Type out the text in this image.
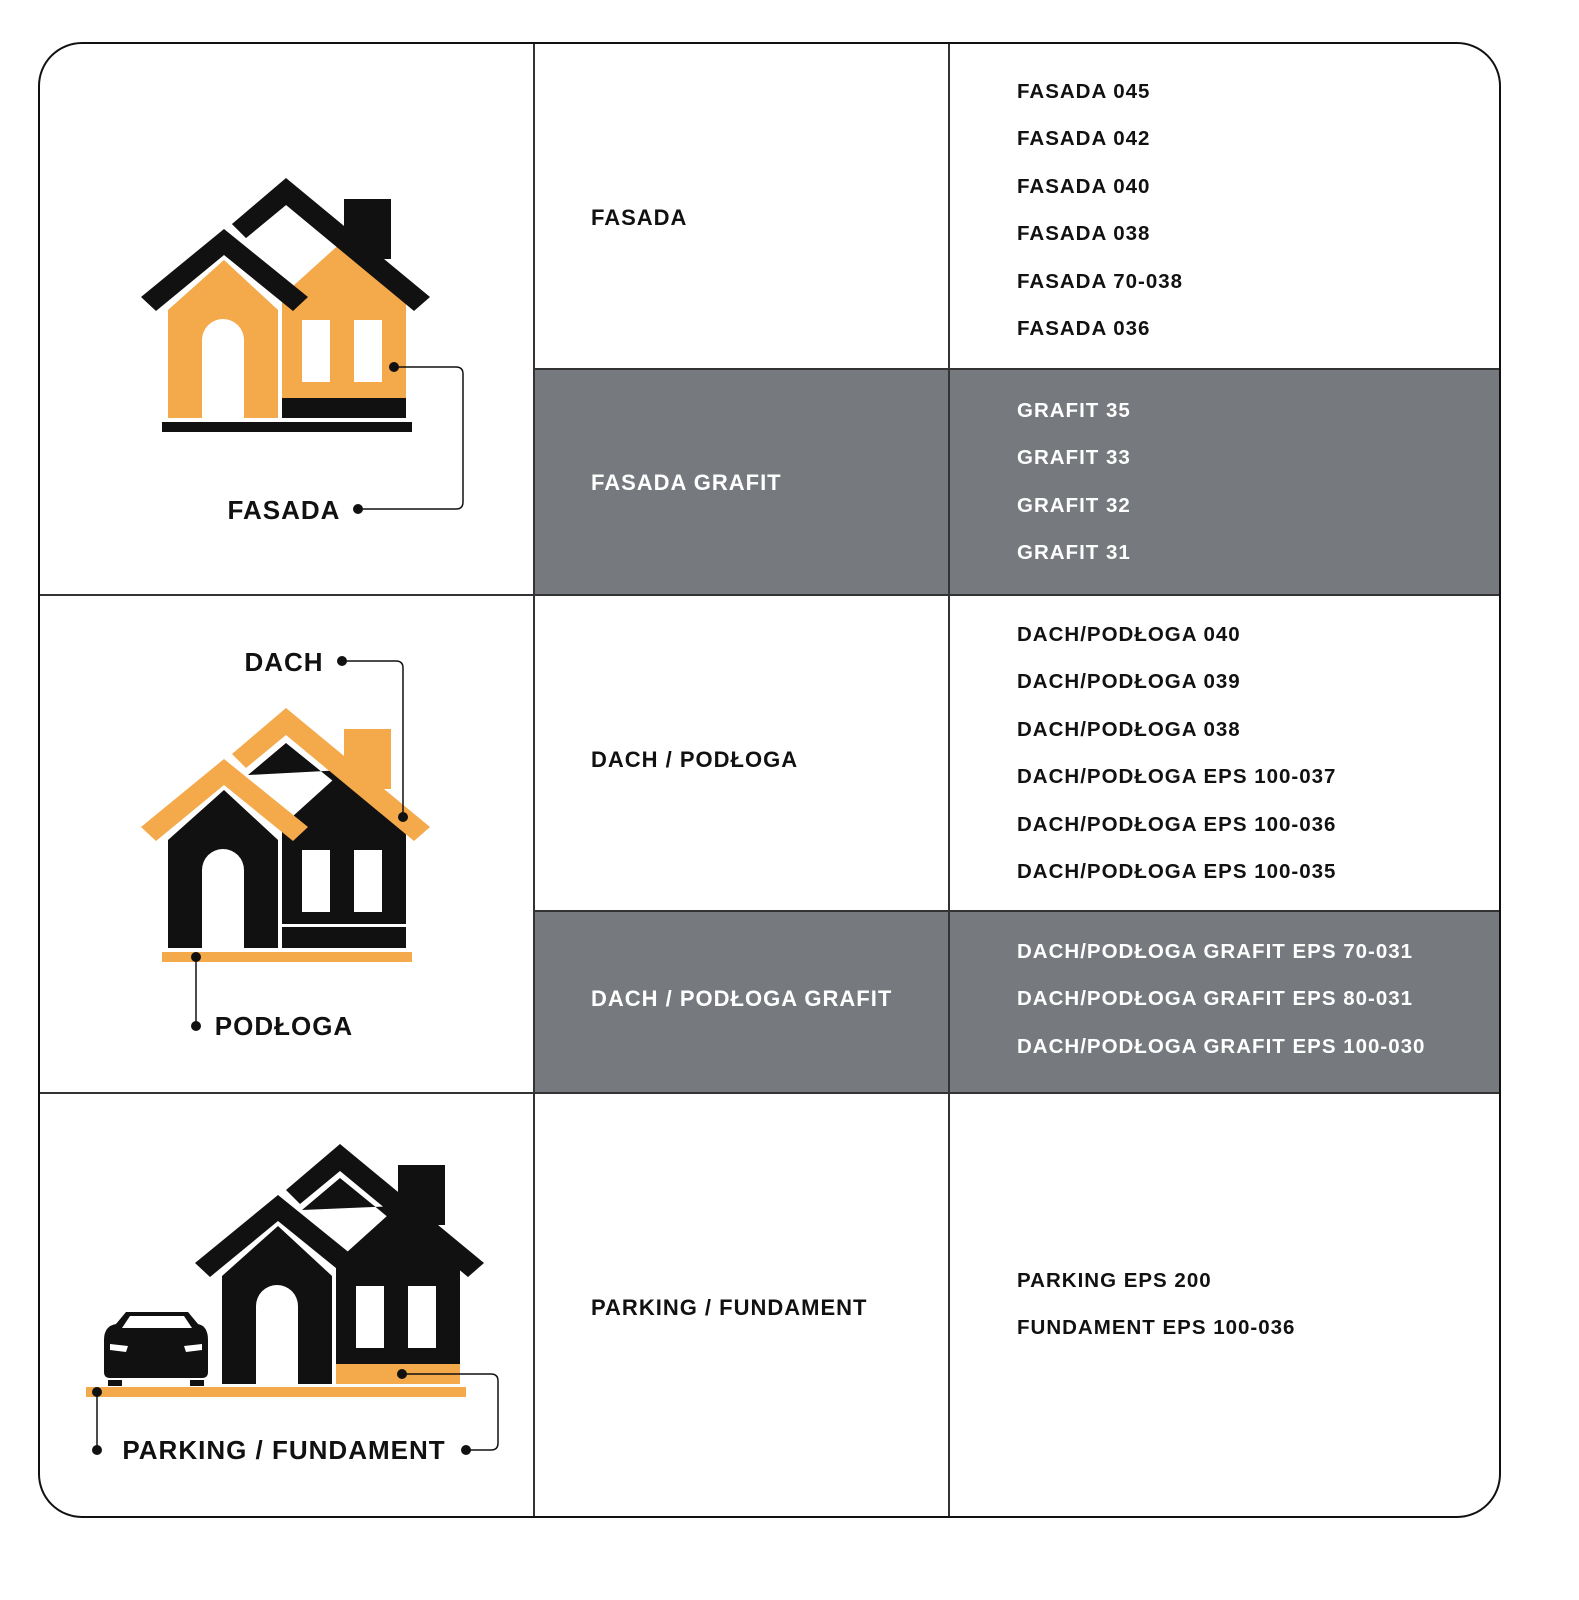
FASADA
FASADA GRAFIT
DACH / PODŁOGA
DACH / PODŁOGA GRAFIT
PARKING / FUNDAMENT
FASADA 045
FASADA 042
FASADA 040
FASADA 038
FASADA 70-038
FASADA 036
GRAFIT 35
GRAFIT 33
GRAFIT 32
GRAFIT 31
DACH/PODŁOGA 040
DACH/PODŁOGA 039
DACH/PODŁOGA 038
DACH/PODŁOGA EPS 100-037
DACH/PODŁOGA EPS 100-036
DACH/PODŁOGA EPS 100-035
DACH/PODŁOGA GRAFIT EPS 70-031
DACH/PODŁOGA GRAFIT EPS 80-031
DACH/PODŁOGA GRAFIT EPS 100-030
PARKING EPS 200
FUNDAMENT EPS 100-036
FASADA
DACH
PODŁOGA
PARKING / FUNDAMENT
